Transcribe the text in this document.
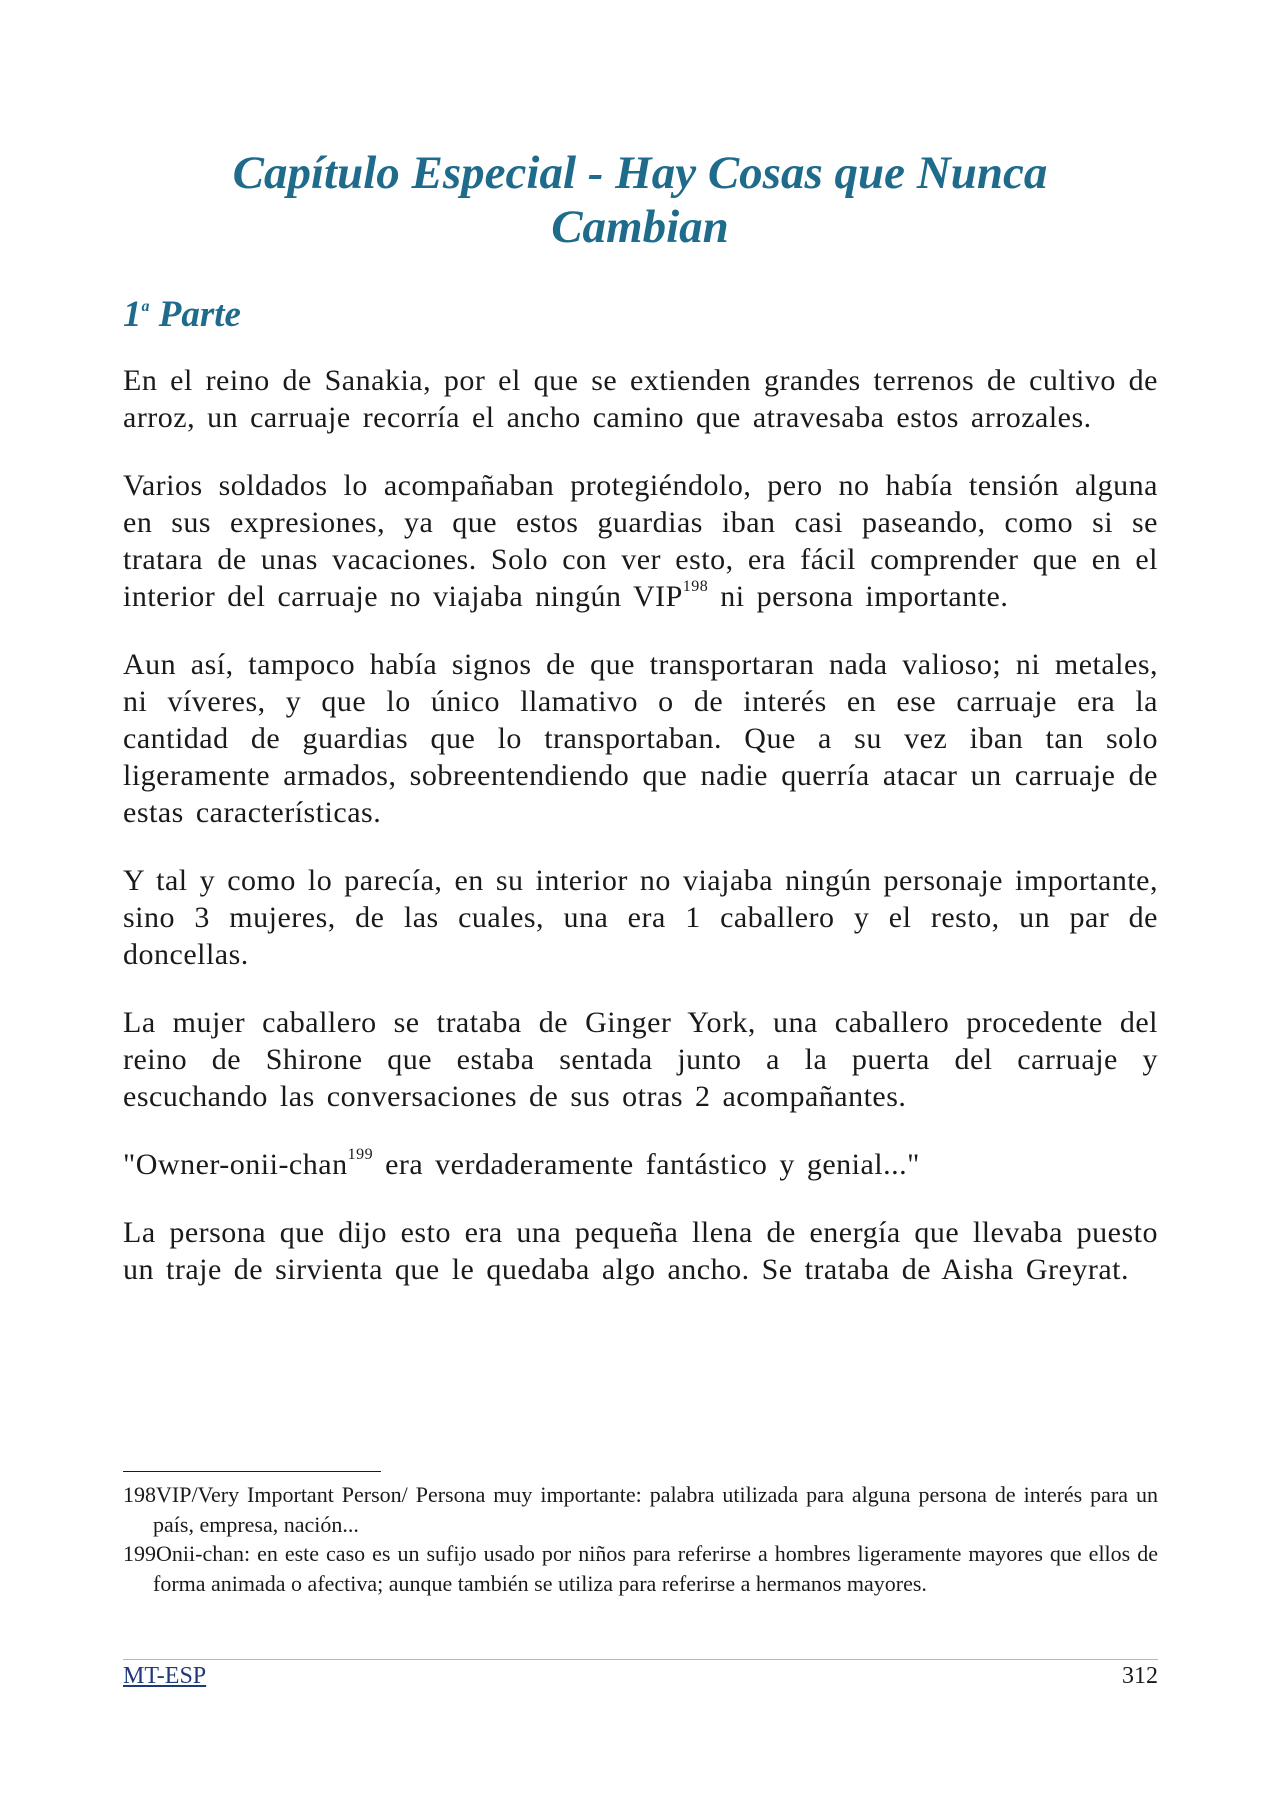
Capítulo Especial - Hay Cosas que Nunca
Cambian
1$^a$ Parte

En el reino de Sanakia, por el que se extienden grandes terrenos de cultivo de arroz, un carruaje recorría el ancho camino que atravesaba estos arrozales.

Varios soldados lo acompañaban protegiéndolo, pero no había tensión alguna en sus expresiones, ya que estos guardias iban casi paseando, como si se tratara de unas vacaciones. Solo con ver esto, era fácil comprender que en el interior del carruaje no viajaba ningún VIP$^{198}$ ni persona importante.

Aun así, tampoco había signos de que transportaran nada valioso; ni metales, ni víveres, y que lo único llamativo o de interés en ese carruaje era la cantidad de guardias que lo transportaban. Que a su vez iban tan solo ligeramente armados, sobreentendiendo que nadie querría atacar un carruaje de estas características.

Y tal y como lo parecía, en su interior no viajaba ningún personaje importante, sino 3 mujeres, de las cuales, una era 1 caballero y el resto, un par de doncellas.

La mujer caballero se trataba de Ginger York, una caballero procedente del reino de Shirone que estaba sentada junto a la puerta del carruaje y escuchando las conversaciones de sus otras 2 acompañantes.

"Owner-onii-chan$^{199}$ era verdaderamente fantástico y genial..."

La persona que dijo esto era una pequeña llena de energía que llevaba puesto un traje de sirvienta que le quedaba algo ancho. Se trataba de Aisha Greyrat.

198VIP/Very Important Person/ Persona muy importante: palabra utilizada para alguna persona de interés para un país, empresa, nación...

199Onii-chan: en este caso es un sufijo usado por niños para referirse a hombres ligeramente mayores que ellos de forma animada o afectiva; aunque también se utiliza para referirse a hermanos mayores.

MT-ESP	312
